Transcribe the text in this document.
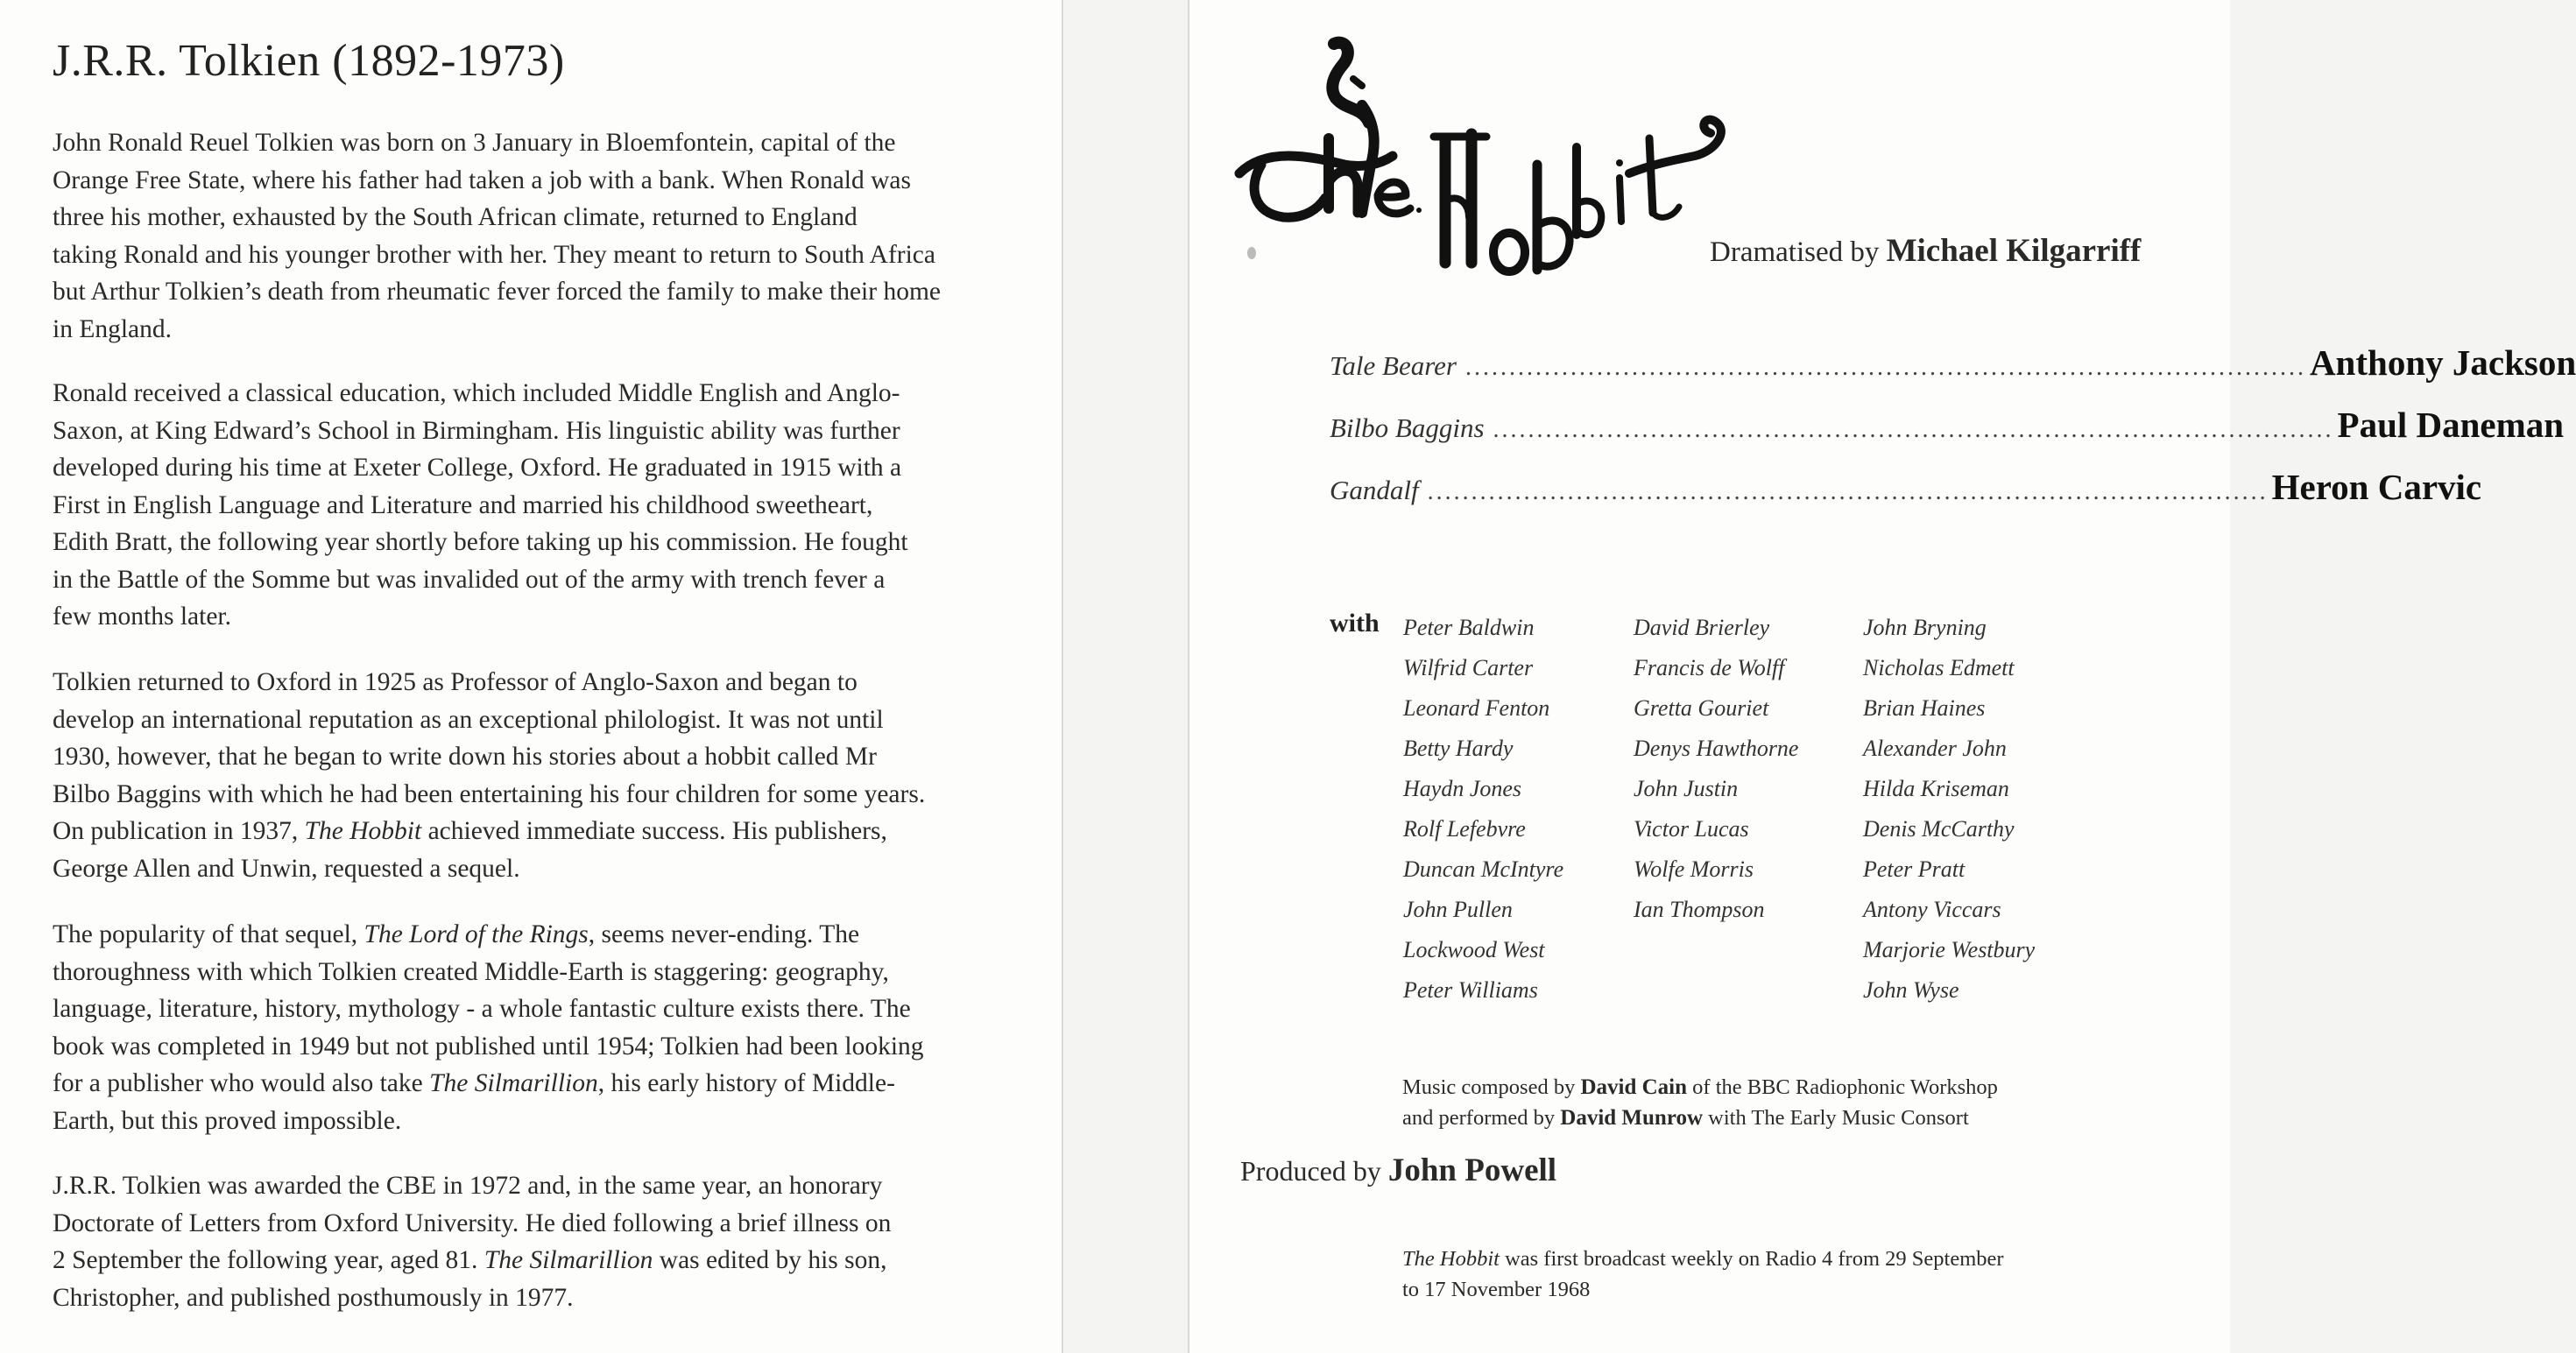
J.R.R. Tolkien (1892-1973)

John Ronald Reuel Tolkien was born on 3 January in Bloemfontein, capital of the
Orange Free State, where his father had taken a job with a bank. When Ronald was
three his mother, exhausted by the South African climate, returned to England
taking Ronald and his younger brother with her. They meant to return to South Africa
but Arthur Tolkien’s death from rheumatic fever forced the family to make their home
in England.

Ronald received a classical education, which included Middle English and Anglo-
Saxon, at King Edward’s School in Birmingham. His linguistic ability was further
developed during his time at Exeter College, Oxford. He graduated in 1915 with a
First in English Language and Literature and married his childhood sweetheart,
Edith Bratt, the following year shortly before taking up his commission. He fought
in the Battle of the Somme but was invalided out of the army with trench fever a
few months later.

Tolkien returned to Oxford in 1925 as Professor of Anglo-Saxon and began to
develop an international reputation as an exceptional philologist. It was not until
1930, however, that he began to write down his stories about a hobbit called Mr
Bilbo Baggins with which he had been entertaining his four children for some years.
On publication in 1937, The Hobbit achieved immediate success. His publishers,
George Allen and Unwin, requested a sequel.

The popularity of that sequel, The Lord of the Rings, seems never-ending. The
thoroughness with which Tolkien created Middle-Earth is staggering: geography,
language, literature, history, mythology - a whole fantastic culture exists there. The
book was completed in 1949 but not published until 1954; Tolkien had been looking
for a publisher who would also take The Silmarillion, his early history of Middle-
Earth, but this proved impossible.

J.R.R. Tolkien was awarded the CBE in 1972 and, in the same year, an honorary
Doctorate of Letters from Oxford University. He died following a brief illness on
2 September the following year, aged 81. The Silmarillion was edited by his son,
Christopher, and published posthumously in 1977.

Dramatised by Michael Kilgarriff

Tale Bearer ................................................................................................ Anthony Jackson
Bilbo Baggins ................................................................................................ Paul Daneman
Gandalf ................................................................................................ Heron Carvic
with Peter Baldwin
Wilfrid Carter
Leonard Fenton
Betty Hardy
Haydn Jones
Rolf Lefebvre
Duncan McIntyre
John Pullen
Lockwood West
Peter Williams
David Brierley
Francis de Wolff
Gretta Gouriet
Denys Hawthorne
John Justin
Victor Lucas
Wolfe Morris
Ian Thompson
John Bryning
Nicholas Edmett
Brian Haines
Alexander John
Hilda Kriseman
Denis McCarthy
Peter Pratt
Antony Viccars
Marjorie Westbury
John Wyse

Music composed by David Cain of the BBC Radiophonic Workshop

and performed by David Munrow with The Early Music Consort

Produced by John Powell

The Hobbit was first broadcast weekly on Radio 4 from 29 September

to 17 November 1968
